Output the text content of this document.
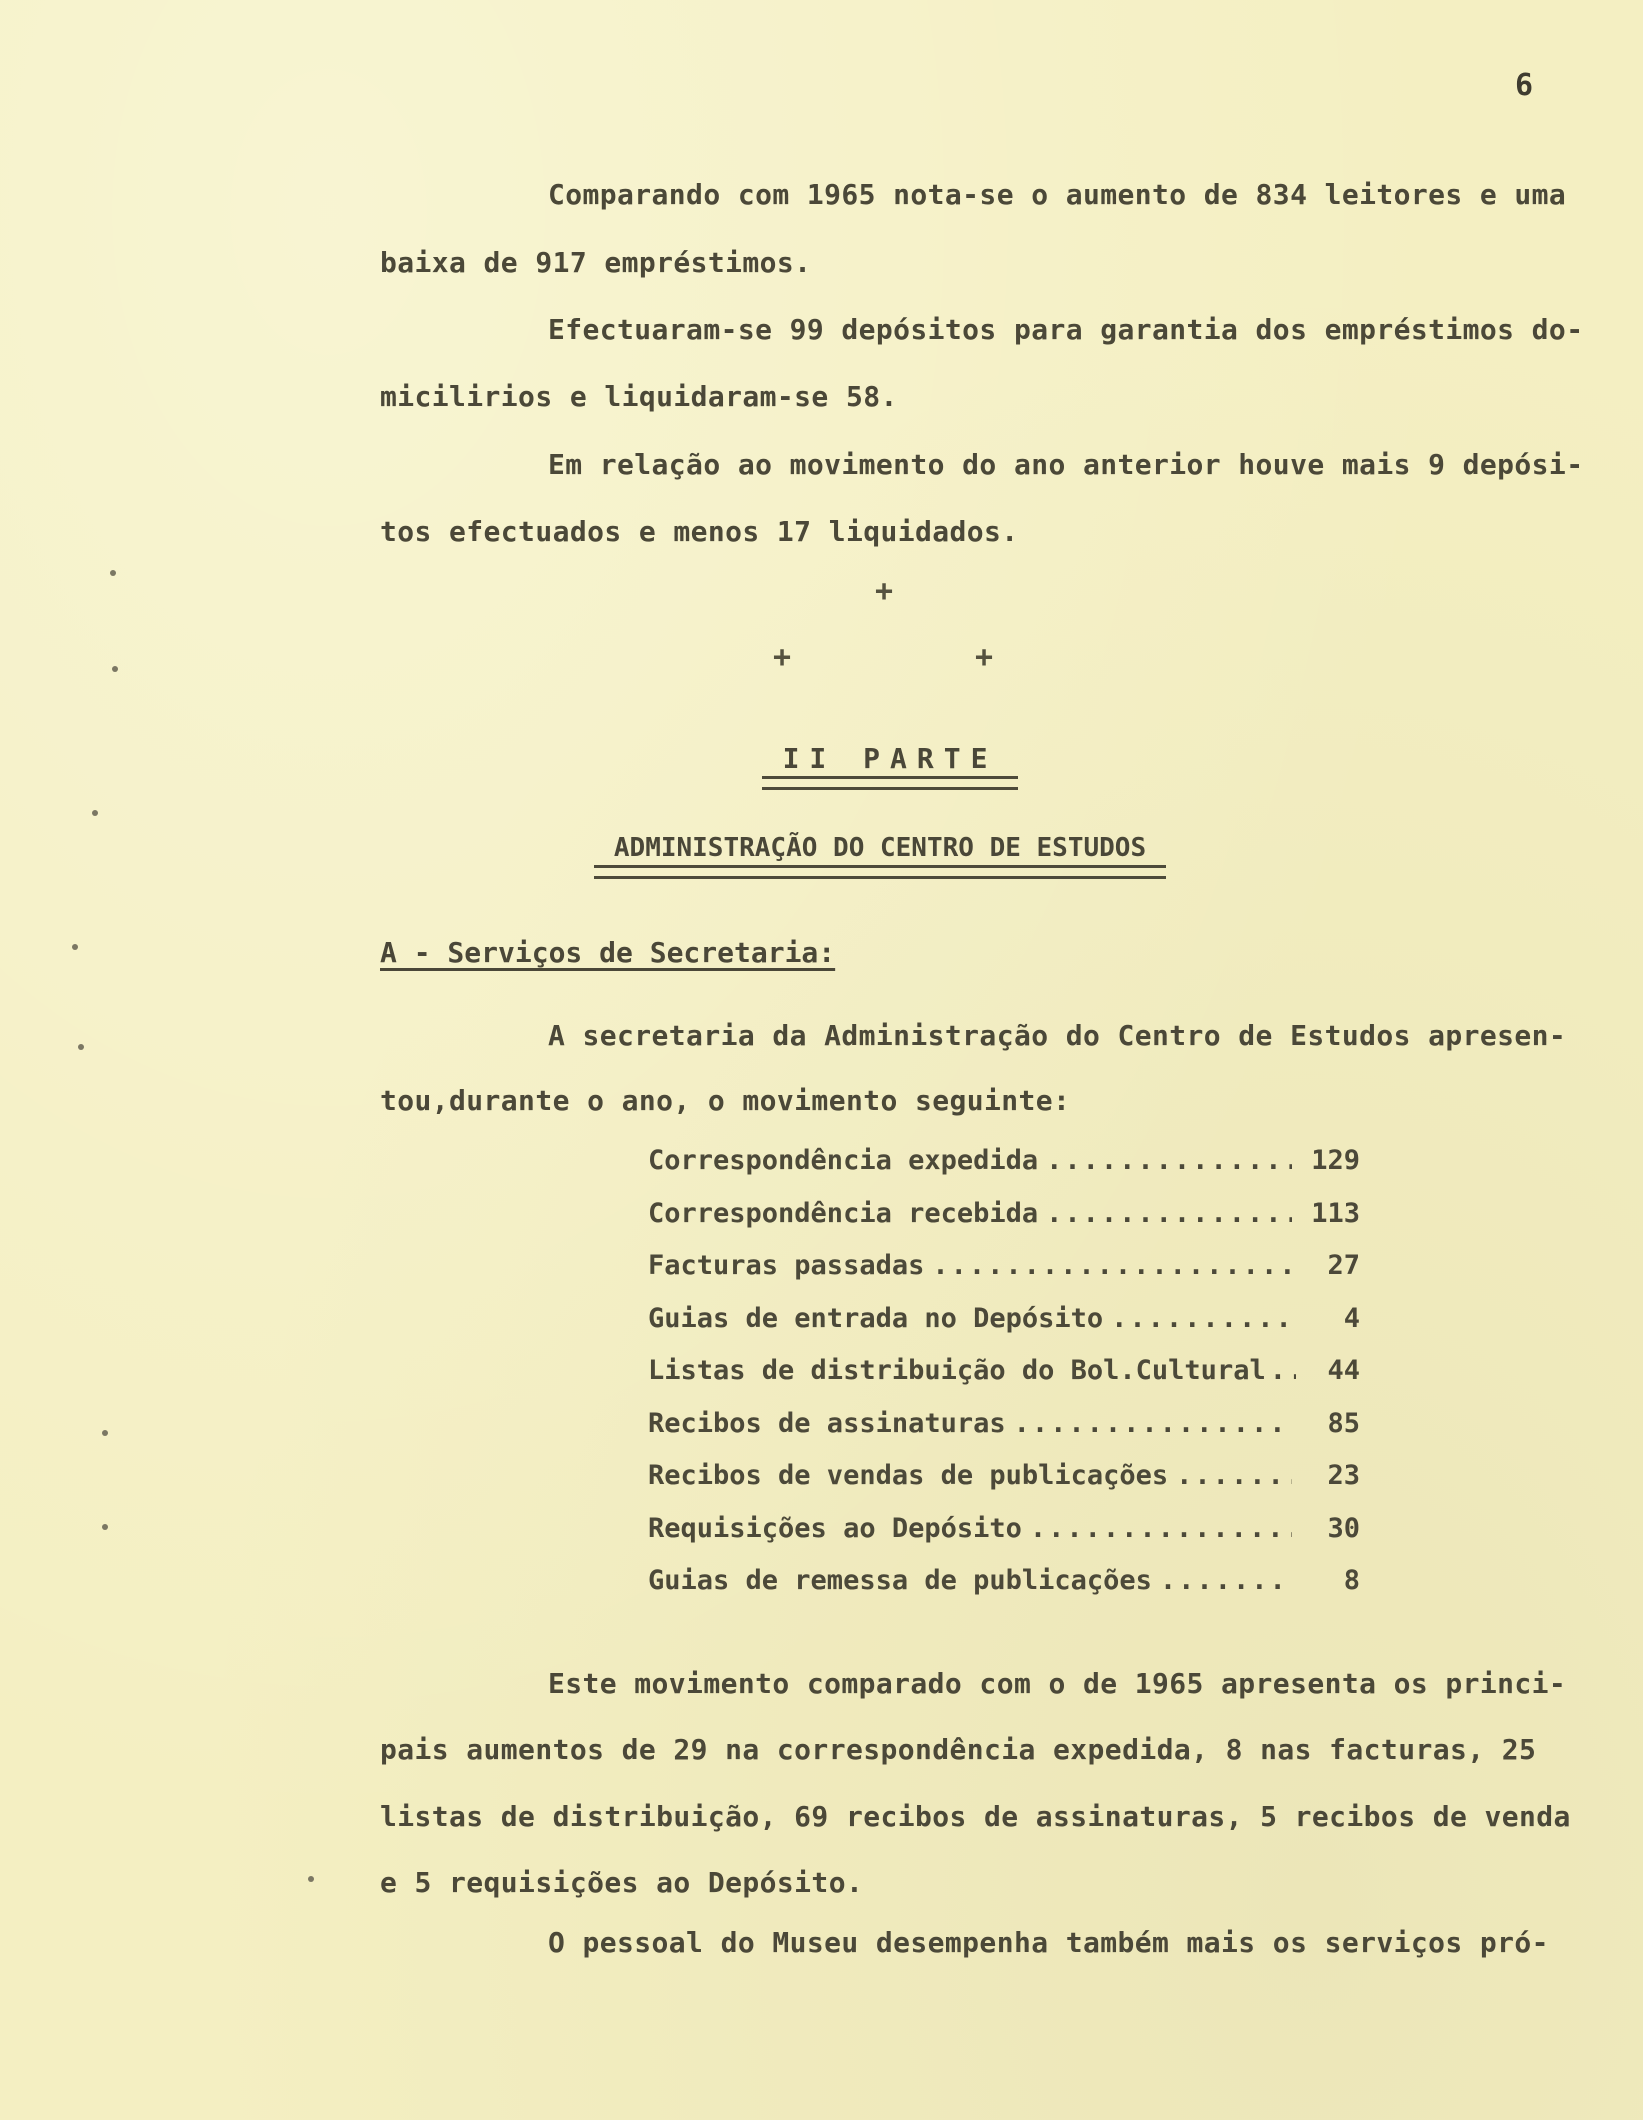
6
Comparando com 1965 nota-se o aumento de 834 leitores e uma
baixa de 917 empréstimos.
Efectuaram-se 99 depósitos para garantia dos empréstimos do-
micilirios e liquidaram-se 58.
Em relação ao movimento do ano anterior houve mais 9 depósi-
tos efectuados e menos 17 liquidados.
+
+	+
II PARTE
ADMINISTRAÇÃO DO CENTRO DE ESTUDOS
A - Serviços de Secretaria:
A secretaria da Administração do Centro de Estudos apresen-
tou,durante o ano, o movimento seguinte:
Correspondência expedida .....	129
Correspondência recebida .....	113
Facturas passadas .....	27
Guias de entrada no Depósito .....	4
Listas de distribuição do Bol.Cultural .....	44
Recibos de assinaturas .....	85
Recibos de vendas de publicações .....	23
Requisições ao Depósito .....	30
Guias de remessa de publicações .....	8
Este movimento comparado com o de 1965 apresenta os princi-
pais aumentos de 29 na correspondência expedida, 8 nas facturas, 25
listas de distribuição, 69 recibos de assinaturas, 5 recibos de venda
e 5 requisições ao Depósito.
O pessoal do Museu desempenha também mais os serviços pró-
